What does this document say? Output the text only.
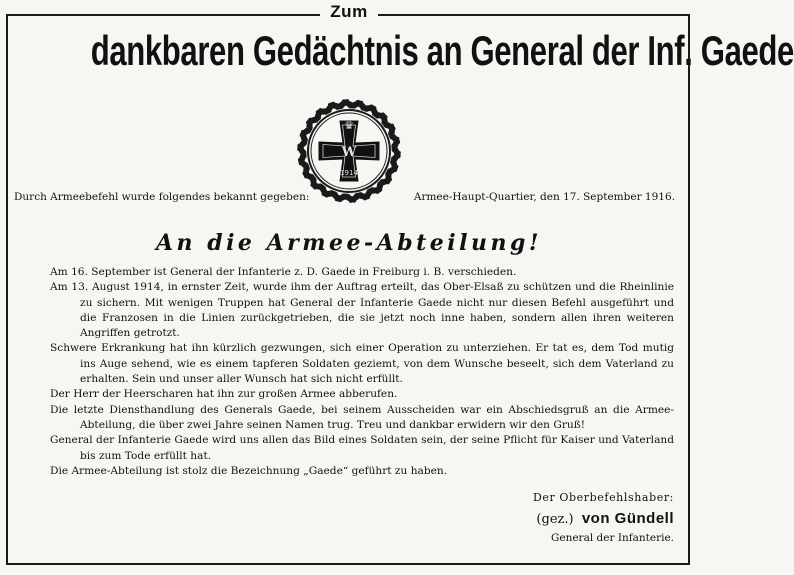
Zum
dankbaren Gedächtnis an General der Inf. Gaede
♛
W
1914
Durch Armeebefehl wurde folgendes bekannt gegeben:	Armee-Haupt-Quartier, den 17. September 1916.
An die Armee-Abteilung!

Am 16. September ist General der Infanterie z. D. Gaede in Freiburg i. B. verschieden.

Am 13. August 1914, in ernster Zeit, wurde ihm der Auftrag erteilt, das Ober-Elsaß zu schützen und die Rheinlinie zu sichern. Mit wenigen Truppen hat General der Infanterie Gaede nicht nur diesen Befehl ausgeführt und die Franzosen in die Linien zurückgetrieben, die sie jetzt noch inne haben, sondern allen ihren weiteren Angriffen getrotzt.

Schwere Erkrankung hat ihn kürzlich gezwungen, sich einer Operation zu unterziehen. Er tat es, dem Tod mutig ins Auge sehend, wie es einem tapferen Soldaten geziemt, von dem Wunsche beseelt, sich dem Vaterland zu erhalten. Sein und unser aller Wunsch hat sich nicht erfüllt.

Der Herr der Heerscharen hat ihn zur großen Armee abberufen.

Die letzte Diensthandlung des Generals Gaede, bei seinem Ausscheiden war ein Abschiedsgruß an die Armee-Abteilung, die über zwei Jahre seinen Namen trug. Treu und dankbar erwidern wir den Gruß!

General der Infanterie Gaede wird uns allen das Bild eines Soldaten sein, der seine Pflicht für Kaiser und Vaterland bis zum Tode erfüllt hat.

Die Armee-Abteilung ist stolz die Bezeichnung „Gaede“ geführt zu haben.

Der Oberbefehlshaber:
(gez.) von Gündell
General der Infanterie.
